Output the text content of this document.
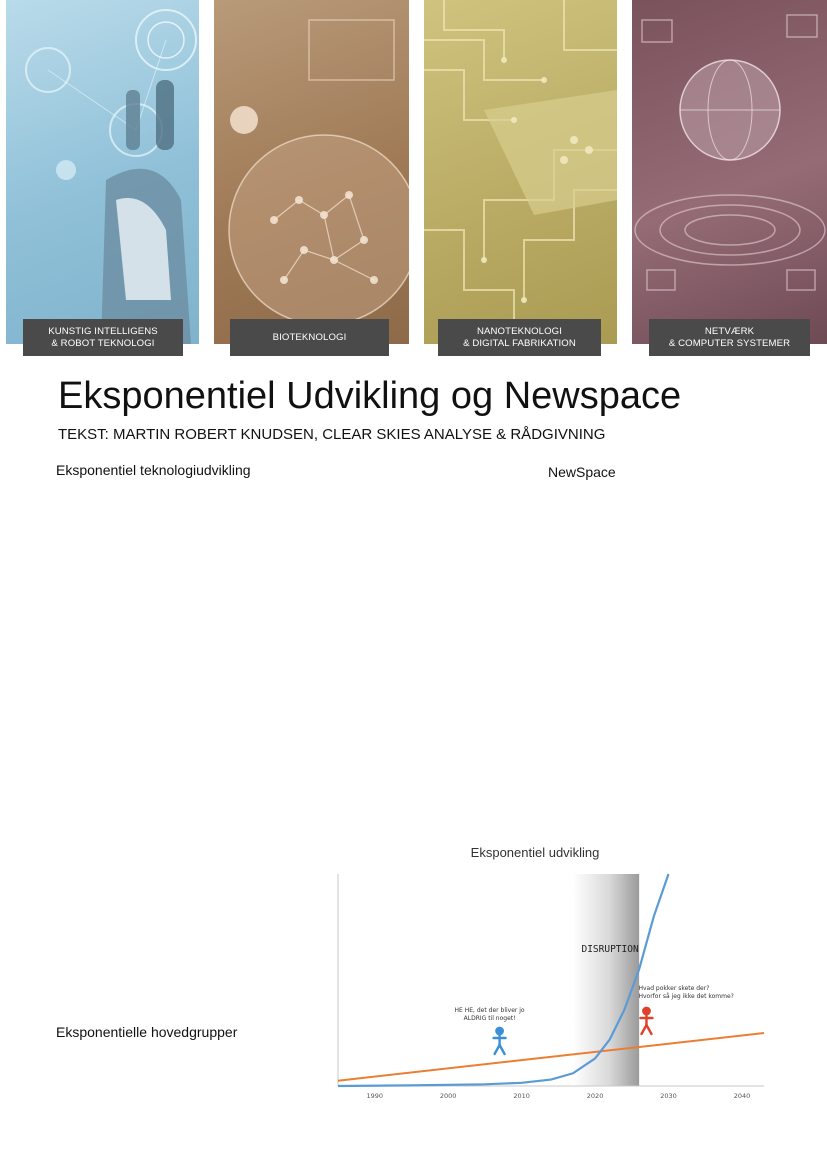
KUNSTIG INTELLIGENS
& ROBOT TEKNOLOGI
BIOTEKNOLOGI
NANOTEKNOLOGI
& DIGITAL FABRIKATION
NETVÆRK
& COMPUTER SYSTEMER
Eksponentiel Udvikling og Newspace
TEKST: MARTIN ROBERT KNUDSEN, CLEAR SKIES ANALYSE & RÅDGIVNING
Eksponentiel teknologiudvikling	NewSpace
Eksponentielle hovedgrupper
Eksponentiel udvikling
1990	2000	2010	2020	2030	2040
DISRUPTION
HE HE, det der bliver jo
ALDRIG til noget!
Hvad pokker skete der?
Hvorfor så jeg ikke det komme?
